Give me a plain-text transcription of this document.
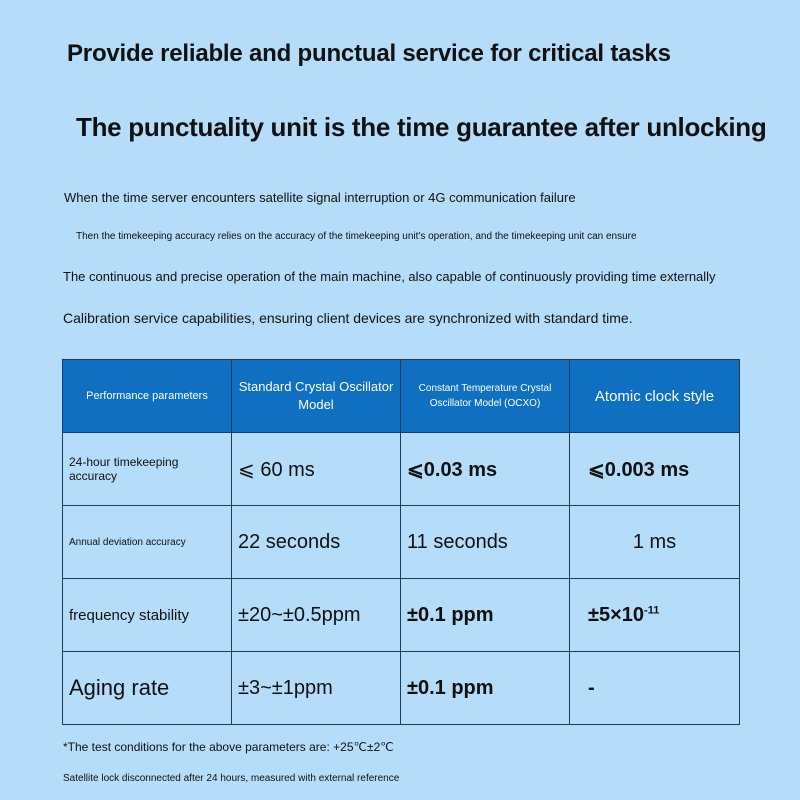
Provide reliable and punctual service for critical tasks
The punctuality unit is the time guarantee after unlocking
When the time server encounters satellite signal interruption or 4G communication failure
Then the timekeeping accuracy relies on the accuracy of the timekeeping unit's operation, and the timekeeping unit can ensure
The continuous and precise operation of the main machine, also capable of continuously providing time externally
Calibration service capabilities, ensuring client devices are synchronized with standard time.
Performance parameters	Standard Crystal Oscillator Model	Constant Temperature Crystal Oscillator Model (OCXO)	Atomic clock style
24-hour timekeeping accuracy	⩽ 60 ms	⩽0.03 ms	⩽0.003 ms
Annual deviation accuracy	22 seconds	11 seconds	1 ms
frequency stability	±20~±0.5ppm	±0.1 ppm	$\pm 5\times 10^{-11}$
Aging rate	±3~±1ppm	±0.1 ppm	-
*The test conditions for the above parameters are: +25℃±2℃
Satellite lock disconnected after 24 hours, measured with external reference
